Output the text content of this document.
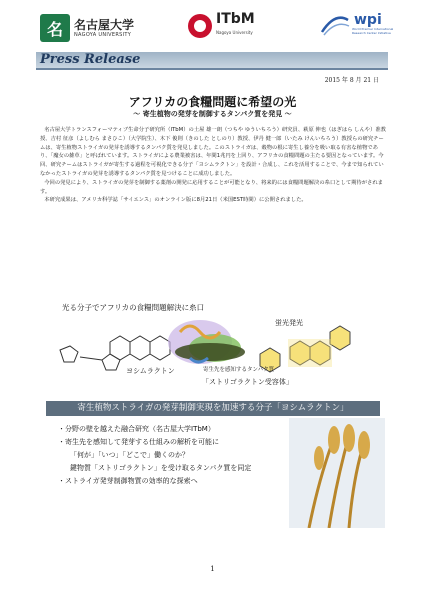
名 名古屋大学
NAGOYA UNIVERSITY
ITbM
Nagoya University
wpi
World Premier International
Research Center Initiative
Press Release
2015 年 8 月 21 日
アフリカの食糧問題に希望の光
～ 寄生植物の発芽を制御するタンパク質を発見 ～

名古屋大学トランスフォーマティブ生命分子研究所（ITbM）の土屋 雄一朗（つちや ゆういちろう）研究員、萩原 伸也（はぎはら しんや）准教授、吉村 征彦（よしむら まさひこ）（大学院生）、木下 俊則（きのした としのり）教授、伊丹 健一郎（いたみ けんいちろう）教授らの研究チームは、寄生植物ストライガの発芽を誘導するタンパク質を発見しました。このストライガは、穀物の根に寄生し養分を吸い取る有害な植物であり、「魔女の雑草」と呼ばれています。ストライガによる農業被害は、年間1兆円を上回り、アフリカの食糧問題の主たる要因となっています。今回、研究チームはストライガが寄生する過程を可視化できる分子「ヨシムラクトン」を設計・合成し、これを活用することで、今まで知られていなかったストライガの発芽を誘導するタンパク質を見つけることに成功しました。

今回の発見により、ストライガの発芽を制御する薬剤の開発に応用することが可能となり、将来的には食糧問題解決の糸口として期待がされます。

本研究成果は、アメリカ科学誌「サイエンス」のオンライン版に8月21日（米国EST時間）に公開されました。

光る分子でアフリカの食糧問題解決に糸口
蛍光発光
ヨシムラクトン	寄生先を感知するタンパク質
「ストリゴラクトン受容体」
寄生植物ストライガの発芽制御実現を加速する分子「ヨシムラクトン」
・分野の壁を越えた融合研究（名古屋大学ITbM）
・寄生先を感知して発芽する仕組みの解析を可能に
「何が」「いつ」「どこで」働くのか？
鍵物質「ストリゴラクトン」を受け取るタンパク質を同定
・ストライガ発芽制御物質の効率的な探索へ
1
